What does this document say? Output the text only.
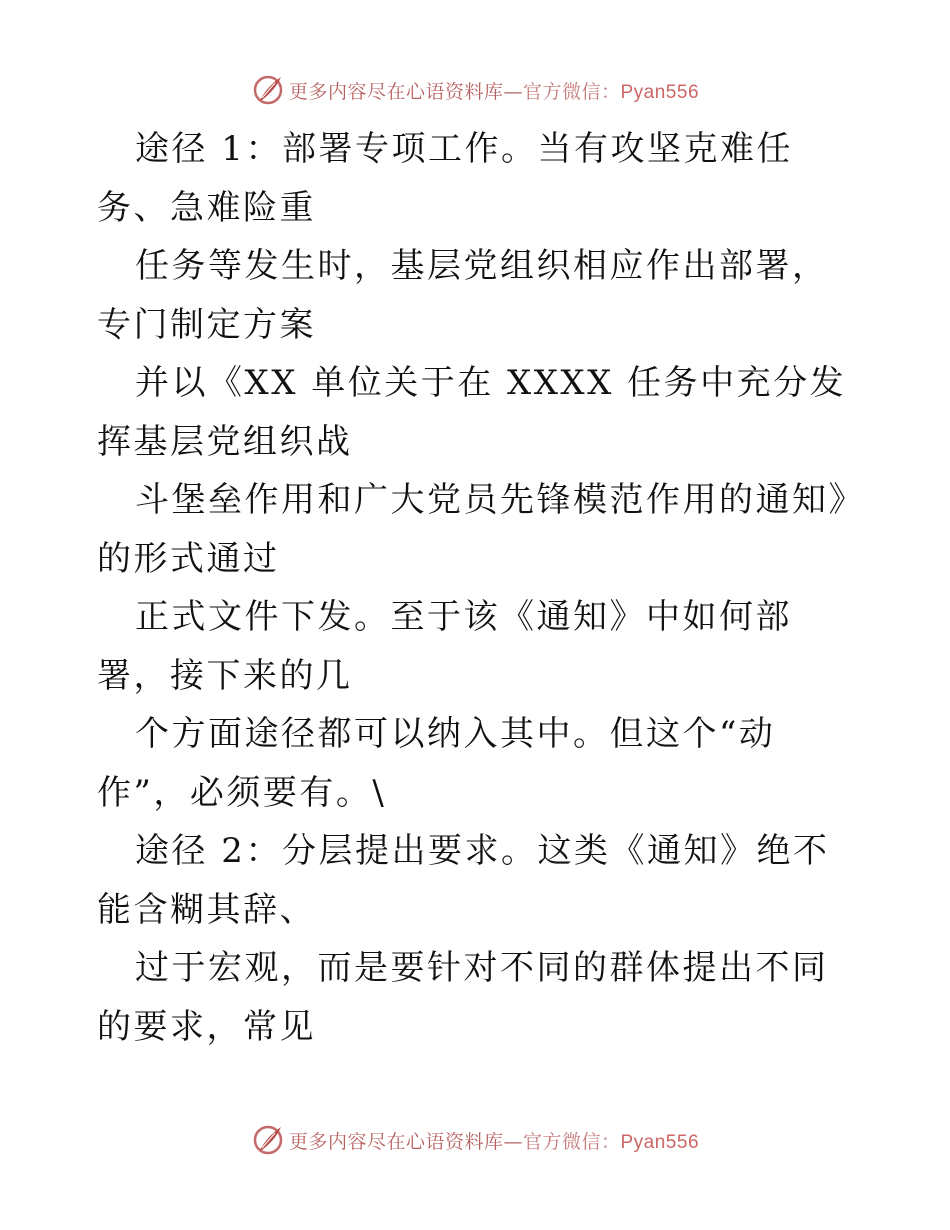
更多内容尽在心语资料库—官方微信：Pyan556

途径 1：部署专项工作。当有攻坚克难任务、急难险重

任务等发生时，基层党组织相应作出部署，专门制定方案

并以《XX 单位关于在 XXXX 任务中充分发挥基层党组织战

斗堡垒作用和广大党员先锋模范作用的通知》的形式通过

正式文件下发。至于该《通知》中如何部署，接下来的几

个方面途径都可以纳入其中。但这个“动作”，必须要有。\

途径 2：分层提出要求。这类《通知》绝不能含糊其辞、

过于宏观，而是要针对不同的群体提出不同的要求，常见

更多内容尽在心语资料库—官方微信：Pyan556
